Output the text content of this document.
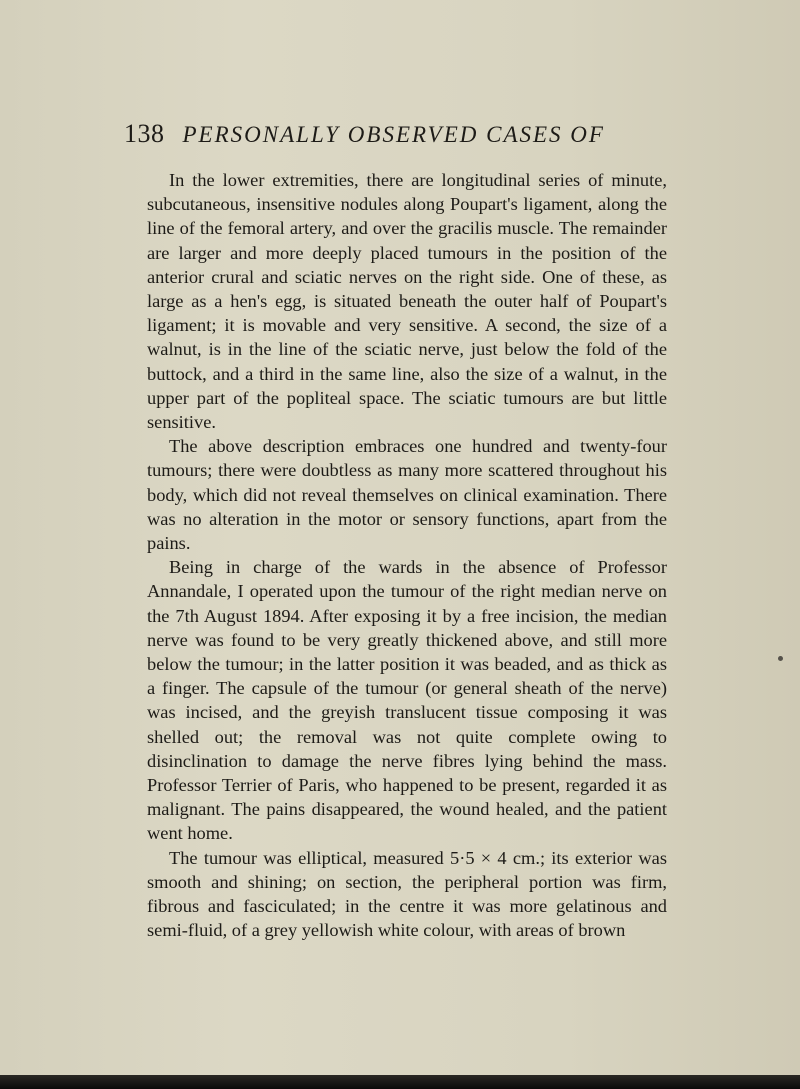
138 PERSONALLY OBSERVED CASES OF

In the lower extremities, there are longitudinal series of minute, subcutaneous, insensitive nodules along Poupart's ligament, along the line of the femoral artery, and over the gracilis muscle. The remainder are larger and more deeply placed tumours in the position of the anterior crural and sciatic nerves on the right side. One of these, as large as a hen's egg, is situated beneath the outer half of Poupart's ligament; it is movable and very sensitive. A second, the size of a walnut, is in the line of the sciatic nerve, just below the fold of the buttock, and a third in the same line, also the size of a walnut, in the upper part of the popliteal space. The sciatic tumours are but little sensitive.

The above description embraces one hundred and twenty-four tumours; there were doubtless as many more scattered throughout his body, which did not reveal themselves on clinical examination. There was no alteration in the motor or sensory functions, apart from the pains.

Being in charge of the wards in the absence of Professor Annandale, I operated upon the tumour of the right median nerve on the 7th August 1894. After exposing it by a free incision, the median nerve was found to be very greatly thickened above, and still more below the tumour; in the latter position it was beaded, and as thick as a finger. The capsule of the tumour (or general sheath of the nerve) was incised, and the greyish translucent tissue composing it was shelled out; the removal was not quite complete owing to disinclination to damage the nerve fibres lying behind the mass. Professor Terrier of Paris, who happened to be present, regarded it as malignant. The pains disappeared, the wound healed, and the patient went home.

The tumour was elliptical, measured 5·5 × 4 cm.; its exterior was smooth and shining; on section, the peripheral portion was firm, fibrous and fasciculated; in the centre it was more gelatinous and semi-fluid, of a grey yellowish white colour, with areas of brown
